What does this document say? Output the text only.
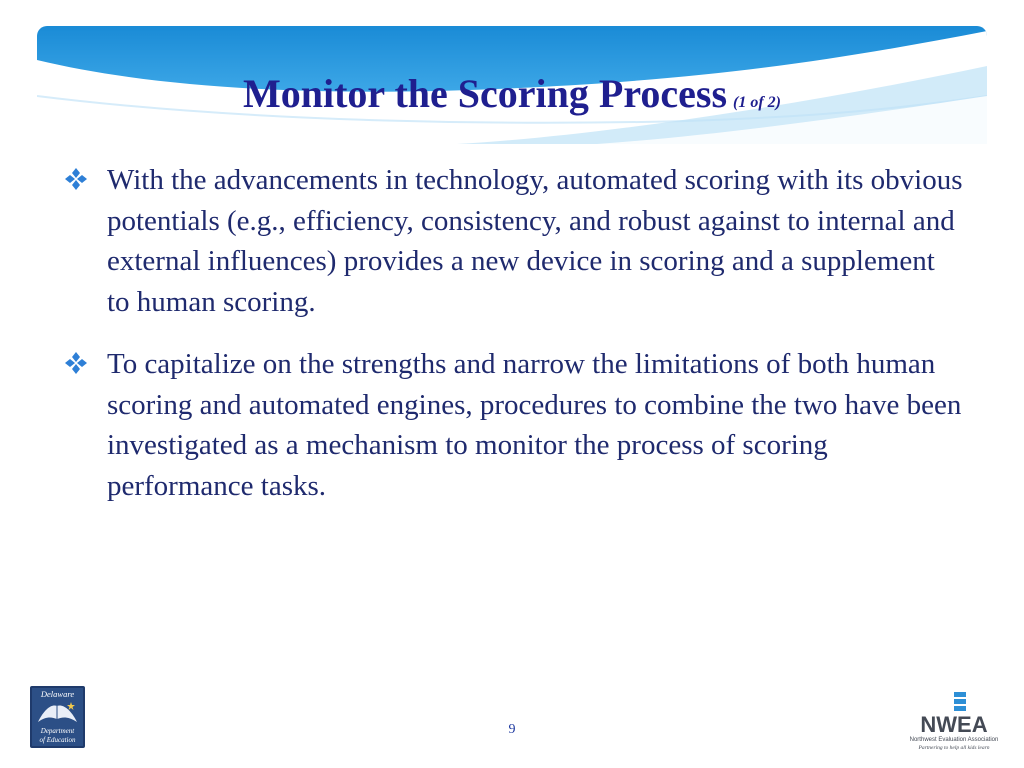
Monitor the Scoring Process (1 of 2)
With the advancements in technology, automated scoring with its obvious potentials (e.g., efficiency, consistency, and robust against to internal and external influences) provides a new device in scoring and a supplement to human scoring.
To capitalize on the strengths and narrow the limitations of both human scoring and automated engines, procedures to combine the two have been investigated as a mechanism to monitor the process of scoring performance tasks.
Delaware
Department
of Education
9	NWEA
Northwest Evaluation Association
Partnering to help all kids learn
